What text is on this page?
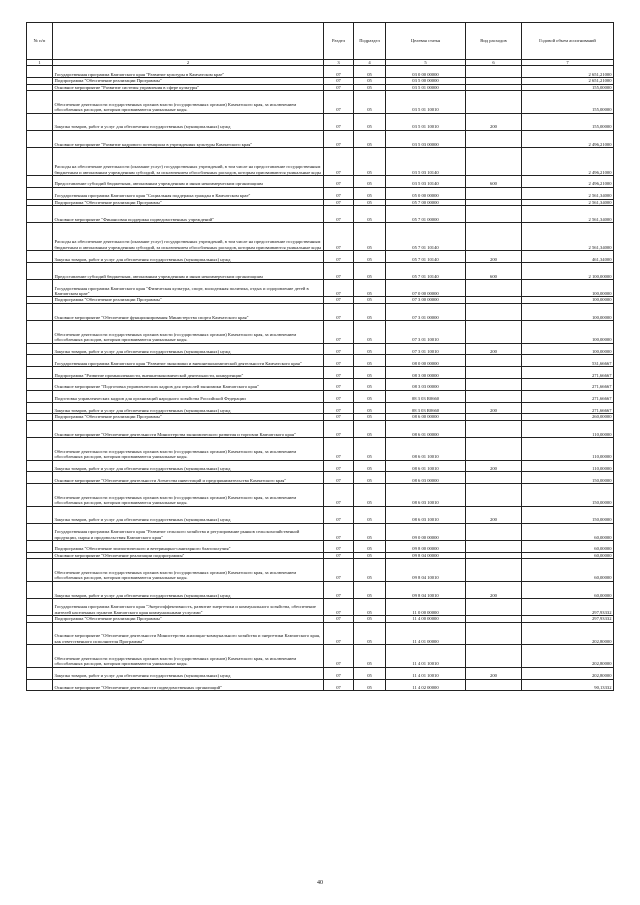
№ п/п		Раздел	Подраздел	Целевая статья	Вид расходов	Годовой объем ассигнований
1	2	3	4	5	6	7
	Государственная программа Камчатского края "Развитие культуры в Камчатском крае"	07	05	03 0 00 00000		2 651,21000
	Подпрограмма "Обеспечение реализации Программы"	07	05	03 5 00 00000		2 651,21000
	Основное мероприятие "Развитие системы управления в сфере культуры"	07	05	03 5 01 00000		155,00000
	Обеспечение деятельности государственных органов власти (государственных органов) Камчатского края, за исключением обособленных расходов, которым присваиваются уникальные коды.	07	05	03 5 01 10010		155,00000
	Закупка товаров, работ и услуг для обеспечения государственных (муниципальных) нужд	07	05	03 5 01 10010	200	155,00000
	Основное мероприятие "Развитие кадрового потенциала в учреждениях культуры Камчатского края"	07	05	03 5 03 00000		2 496,21000
	Расходы на обеспечение деятельности (оказание услуг) государственных учреждений, в том числе на предоставление государственным бюджетным и автономным учреждениям субсидий, за исключением обособленных расходов, которым присваиваются уникальные коды	07	05	03 5 03 10140		2 496,21000
	Предоставление субсидий бюджетным, автономным учреждениям и иным некоммерческим организациям	07	05	03 5 03 10140	600	2 496,21000
	Государственная программа Камчатского края "Социальная поддержка граждан в Камчатском крае"	07	05	05 0 00 00000		2 561,34000
	Подпрограмма "Обеспечение реализации Программы"	07	05	05 7 00 00000		2 561,34000
	Основное мероприятие "Финансовая поддержка подведомственных учреждений"	07	05	05 7 01 00000		2 561,34000
	Расходы на обеспечение деятельности (оказание услуг) государственных учреждений, в том числе на предоставление государственным бюджетным и автономным учреждениям субсидий, за исключением обособленных расходов, которым присваиваются уникальные коды	07	05	05 7 01 10140		2 561,34000
	Закупка товаров, работ и услуг для обеспечения государственных (муниципальных) нужд	07	05	05 7 01 10140	200	461,34000
	Предоставление субсидий бюджетным, автономным учреждениям и иным некоммерческим организациям	07	05	05 7 01 10140	600	2 100,00000
	Государственная программа Камчатского края "Физическая культура, спорт, молодежная политика, отдых и оздоровление детей в Камчатском крае"	07	05	07 0 00 00000		100,00000
	Подпрограмма "Обеспечение реализации Программы"	07	05	07 3 00 00000		100,00000
	Основное мероприятие "Обеспечение функционирования Министерства спорта Камчатского края"	07	05	07 3 01 00000		100,00000
	Обеспечение деятельности государственных органов власти (государственных органов) Камчатского края, за исключением обособленных расходов, которым присваиваются уникальные коды.	07	05	07 3 01 10010		100,00000
	Закупка товаров, работ и услуг для обеспечения государственных (муниципальных) нужд	07	05	07 3 01 10010	200	100,00000
	Государственная программа Камчатского края "Развитие экономики и внешнеэкономической деятельности Камчатского края"	07	05	08 0 00 00000		531,66667
	Подпрограмма "Развитие промышленности, внешнеэкономической деятельности, конкуренции"	07	05	08 3 00 00000		271,66667
	Основное мероприятие "Подготовка управленческих кадров для отраслей экономики Камчатского края"	07	05	08 3 03 00000		271,66667
	Подготовка управленческих кадров для организаций народного хозяйства Российской Федерации	07	05	08 3 03 R0660		271,66667
	Закупка товаров, работ и услуг для обеспечения государственных (муниципальных) нужд	07	05	08 3 03 R0660	200	271,66667
	Подпрограмма "Обеспечение реализации Программы"	07	05	08 6 00 00000		260,00000
	Основное мероприятие "Обеспечение деятельности Министерства экономического развития и торговли Камчатского края"	07	05	08 6 01 00000		110,00000
	Обеспечение деятельности государственных органов власти (государственных органов) Камчатского края, за исключением обособленных расходов, которым присваиваются уникальные коды.	07	05	08 6 01 10010		110,00000
	Закупка товаров, работ и услуг для обеспечения государственных (муниципальных) нужд	07	05	08 6 01 10010	200	110,00000
	Основное мероприятие "Обеспечение деятельности Агентства инвестиций и предпринимательства Камчатского края"	07	05	08 6 03 00000		150,00000
	Обеспечение деятельности государственных органов власти (государственных органов) Камчатского края, за исключением обособленных расходов, которым присваиваются уникальные коды.	07	05	08 6 03 10010		150,00000
	Закупка товаров, работ и услуг для обеспечения государственных (муниципальных) нужд	07	05	08 6 03 10010	200	150,00000
	Государственная программа Камчатского края "Развитие сельского хозяйства и регулирование рынков сельскохозяйственной продукции, сырья и продовольствия Камчатского края"	07	05	09 0 00 00000		60,00000
	Подпрограмма "Обеспечение эпизоотического и ветеринарно-санитарного благополучия"	07	05	09 8 00 00000		60,00000
	Основное мероприятие "Обеспечение реализации подпрограммы"	07	05	09 8 04 00000		60,00000
	Обеспечение деятельности государственных органов власти (государственных органов) Камчатского края, за исключением обособленных расходов, которым присваиваются уникальные коды.	07	05	09 8 04 10010		60,00000
	Закупка товаров, работ и услуг для обеспечения государственных (муниципальных) нужд	07	05	09 8 04 10010	200	60,00000
	Государственная программа Камчатского края "Энергоэффективность, развитие энергетики и коммунального хозяйства, обеспечение жителей населенных пунктов Камчатского края коммунальными услугами"	07	05	11 0 00 00000		297,93332
	Подпрограмма "Обеспечение реализации Программы"	07	05	11 4 00 00000		297,93332
	Основное мероприятие "Обеспечение деятельности Министерства жилищно-коммунального хозяйства и энергетики Камчатского края, как ответственного исполнителя Программы"	07	05	11 4 01 00000		202,80000
	Обеспечение деятельности государственных органов власти (государственных органов) Камчатского края, за исключением обособленных расходов, которым присваиваются уникальные коды.	07	05	11 4 01 10010		202,80000
	Закупка товаров, работ и услуг для обеспечения государственных (муниципальных) нужд	07	05	11 4 01 10010	200	202,80000
	Основное мероприятие "Обеспечение деятельности подведомственных организаций"	07	05	11 4 02 00000		90,13332
40
